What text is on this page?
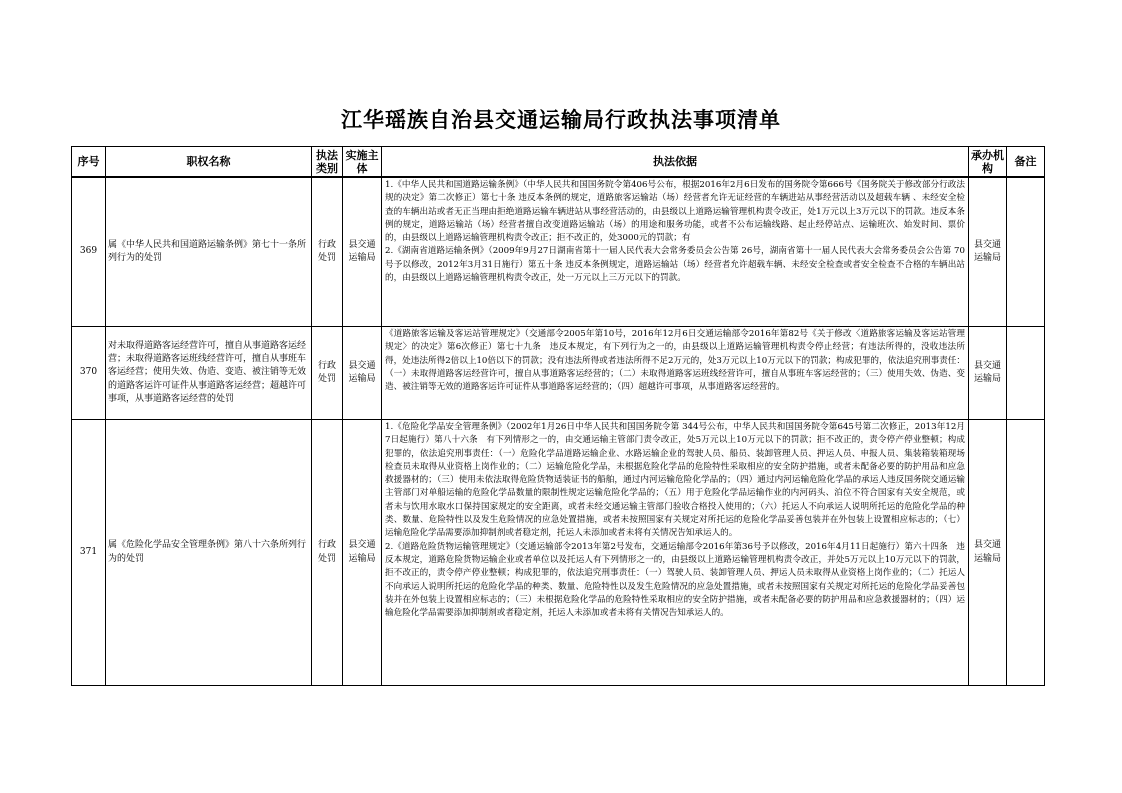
江华瑶族自治县交通运输局行政执法事项清单
序号	职权名称	执法类别	实施主体	执法依据	承办机构	备注
369	属《中华人民共和国道路运输条例》第七十一条所列行为的处罚	行政处罚	县交通运输局	1.《中华人民共和国道路运输条例》（中华人民共和国国务院令第406号公布，根据2016年2月6日发布的国务院令第666号《国务院关于修改部分行政法规的决定》第二次修正）第七十条 违反本条例的规定，道路旅客运输站（场）经营者允许无证经营的车辆进站从事经营活动以及超载车辆 、未经安全检查的车辆出站或者无正当理由拒绝道路运输车辆进站从事经营活动的，由县级以上道路运输管理机构责令改正，处1万元以上3万元以下的罚款。违反本条例的规定，道路运输站（场）经营者擅自改变道路运输站（场）的用途和服务功能，或者不公布运输线路、起止经停站点、运输班次、始发时间、票价的，由县级以上道路运输管理机构责令改正；拒不改正的，处3000元的罚款；有

2.《湖南省道路运输条例》（2009年9月27日湖南省第十一届人民代表大会常务委员会公告第 26号，湖南省第十一届人民代表大会常务委员会公告第 70号予以修改，2012年3月31日施行）第五十条 违反本条例规定，道路运输站（场）经营者允许超载车辆、未经安全检查或者安全检查不合格的车辆出站的，由县级以上道路运输管理机构责令改正，处一万元以上三万元以下的罚款。	县交通运输局	
370	对未取得道路客运经营许可，擅自从事道路客运经营；未取得道路客运班线经营许可，擅自从事班车客运经营；使用失效、伪造、变造、被注销等无效的道路客运许可证件从事道路客运经营；超越许可事项，从事道路客运经营的处罚	行政处罚	县交通运输局	《道路旅客运输及客运站管理规定》（交通部令2005年第10号，2016年12月6日交通运输部令2016年第82号《关于修改〈道路旅客运输及客运站管理规定〉的决定》第6次修正）第七十九条　违反本规定，有下列行为之一的，由县级以上道路运输管理机构责令停止经营；有违法所得的，没收违法所得，处违法所得2倍以上10倍以下的罚款；没有违法所得或者违法所得不足2万元的，处3万元以上10万元以下的罚款；构成犯罪的，依法追究刑事责任：（一）未取得道路客运经营许可，擅自从事道路客运经营的；（二）未取得道路客运班线经营许可，擅自从事班车客运经营的；（三）使用失效、伪造、变造、被注销等无效的道路客运许可证件从事道路客运经营的；（四）超越许可事项，从事道路客运经营的。	县交通运输局	
371	属《危险化学品安全管理条例》第八十六条所列行为的处罚	行政处罚	县交通运输局	1.《危险化学品安全管理条例》（2002年1月26日中华人民共和国国务院令第 344号公布，中华人民共和国国务院令第645号第二次修正，2013年12月7日起施行）第八十六条　有下列情形之一的，由交通运输主管部门责令改正，处5万元以上10万元以下的罚款；拒不改正的，责令停产停业整顿；构成犯罪的，依法追究刑事责任：（一）危险化学品道路运输企业、水路运输企业的驾驶人员、船员、装卸管理人员、押运人员、申报人员、集装箱装箱现场检查员未取得从业资格上岗作业的；（二）运输危险化学品，未根据危险化学品的危险特性采取相应的安全防护措施，或者未配备必要的防护用品和应急救援器材的；（三）使用未依法取得危险货物适装证书的船舶，通过内河运输危险化学品的；（四）通过内河运输危险化学品的承运人违反国务院交通运输主管部门对单船运输的危险化学品数量的限制性规定运输危险化学品的；（五）用于危险化学品运输作业的内河码头、泊位不符合国家有关安全规范，或者未与饮用水取水口保持国家规定的安全距离，或者未经交通运输主管部门验收合格投入使用的；（六）托运人不向承运人说明所托运的危险化学品的种类、数量、危险特性以及发生危险情况的应急处置措施，或者未按照国家有关规定对所托运的危险化学品妥善包装并在外包装上设置相应标志的；（七）运输危险化学品需要添加抑制剂或者稳定剂，托运人未添加或者未将有关情况告知承运人的。

2.《道路危险货物运输管理规定》（交通运输部令2013年第2号发布，交通运输部令2016年第36号予以修改，2016年4月11日起施行）第六十四条　违反本规定，道路危险货物运输企业或者单位以及托运人有下列情形之一的，由县级以上道路运输管理机构责令改正，并处5万元以上10万元以下的罚款，拒不改正的，责令停产停业整顿；构成犯罪的，依法追究刑事责任：（一）驾驶人员、装卸管理人员、押运人员未取得从业资格上岗作业的；（二）托运人不向承运人说明所托运的危险化学品的种类、数量、危险特性以及发生危险情况的应急处置措施，或者未按照国家有关规定对所托运的危险化学品妥善包装并在外包装上设置相应标志的；（三）未根据危险化学品的危险特性采取相应的安全防护措施，或者未配备必要的防护用品和应急救援器材的；（四）运输危险化学品需要添加抑制剂或者稳定剂，托运人未添加或者未将有关情况告知承运人的。	县交通运输局	
